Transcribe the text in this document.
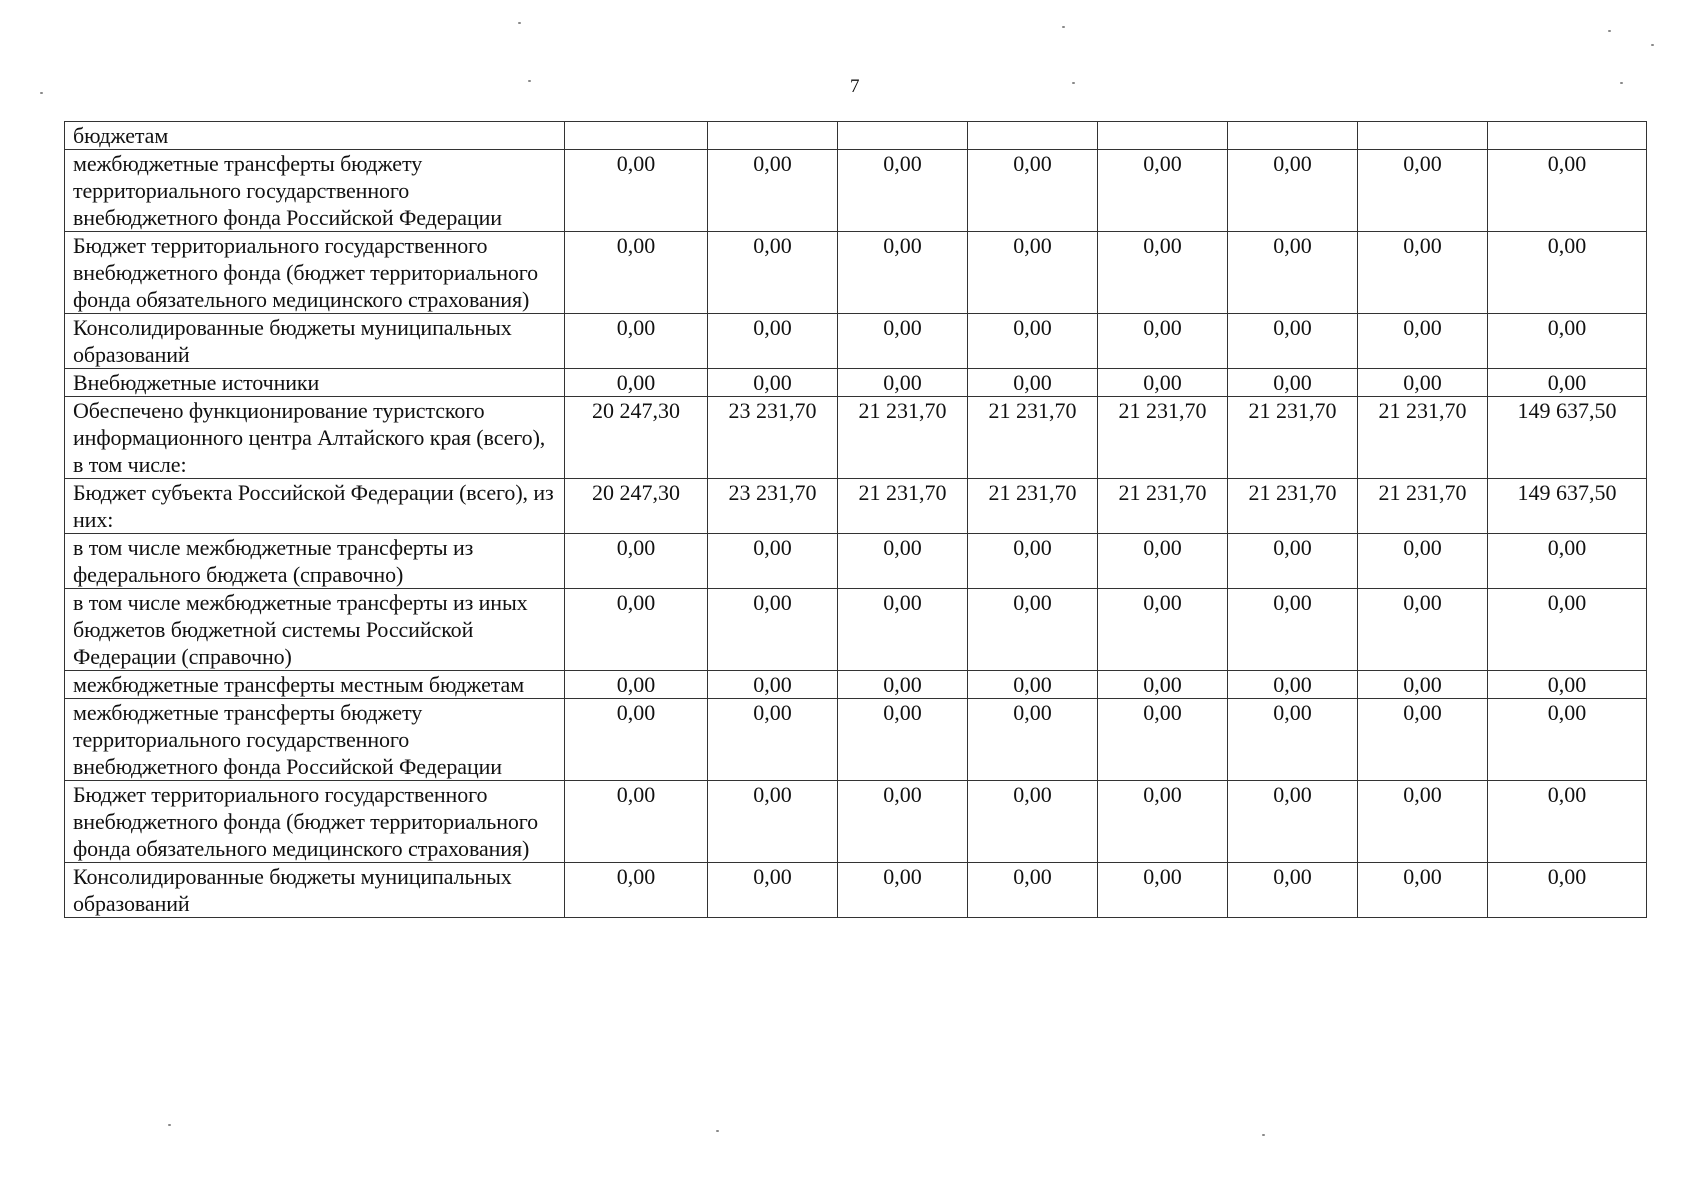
7
бюджетам								
межбюджетные трансферты бюджету территориального государственного внебюджетного фонда Российской Федерации	0,00	0,00	0,00	0,00	0,00	0,00	0,00	0,00
Бюджет территориального государственного внебюджетного фонда (бюджет территориального фонда обязательного медицинского страхования)	0,00	0,00	0,00	0,00	0,00	0,00	0,00	0,00
Консолидированные бюджеты муниципальных образований	0,00	0,00	0,00	0,00	0,00	0,00	0,00	0,00
Внебюджетные источники	0,00	0,00	0,00	0,00	0,00	0,00	0,00	0,00
Обеспечено функционирование туристского информационного центра Алтайского края (всего), в том числе:	20 247,30	23 231,70	21 231,70	21 231,70	21 231,70	21 231,70	21 231,70	149 637,50
Бюджет субъекта Российской Федерации (всего), из них:	20 247,30	23 231,70	21 231,70	21 231,70	21 231,70	21 231,70	21 231,70	149 637,50
в том числе межбюджетные трансферты из федерального бюджета (справочно)	0,00	0,00	0,00	0,00	0,00	0,00	0,00	0,00
в том числе межбюджетные трансферты из иных бюджетов бюджетной системы Российской Федерации (справочно)	0,00	0,00	0,00	0,00	0,00	0,00	0,00	0,00
межбюджетные трансферты местным бюджетам	0,00	0,00	0,00	0,00	0,00	0,00	0,00	0,00
межбюджетные трансферты бюджету территориального государственного внебюджетного фонда Российской Федерации	0,00	0,00	0,00	0,00	0,00	0,00	0,00	0,00
Бюджет территориального государственного внебюджетного фонда (бюджет территориального фонда обязательного медицинского страхования)	0,00	0,00	0,00	0,00	0,00	0,00	0,00	0,00
Консолидированные бюджеты муниципальных образований	0,00	0,00	0,00	0,00	0,00	0,00	0,00	0,00
